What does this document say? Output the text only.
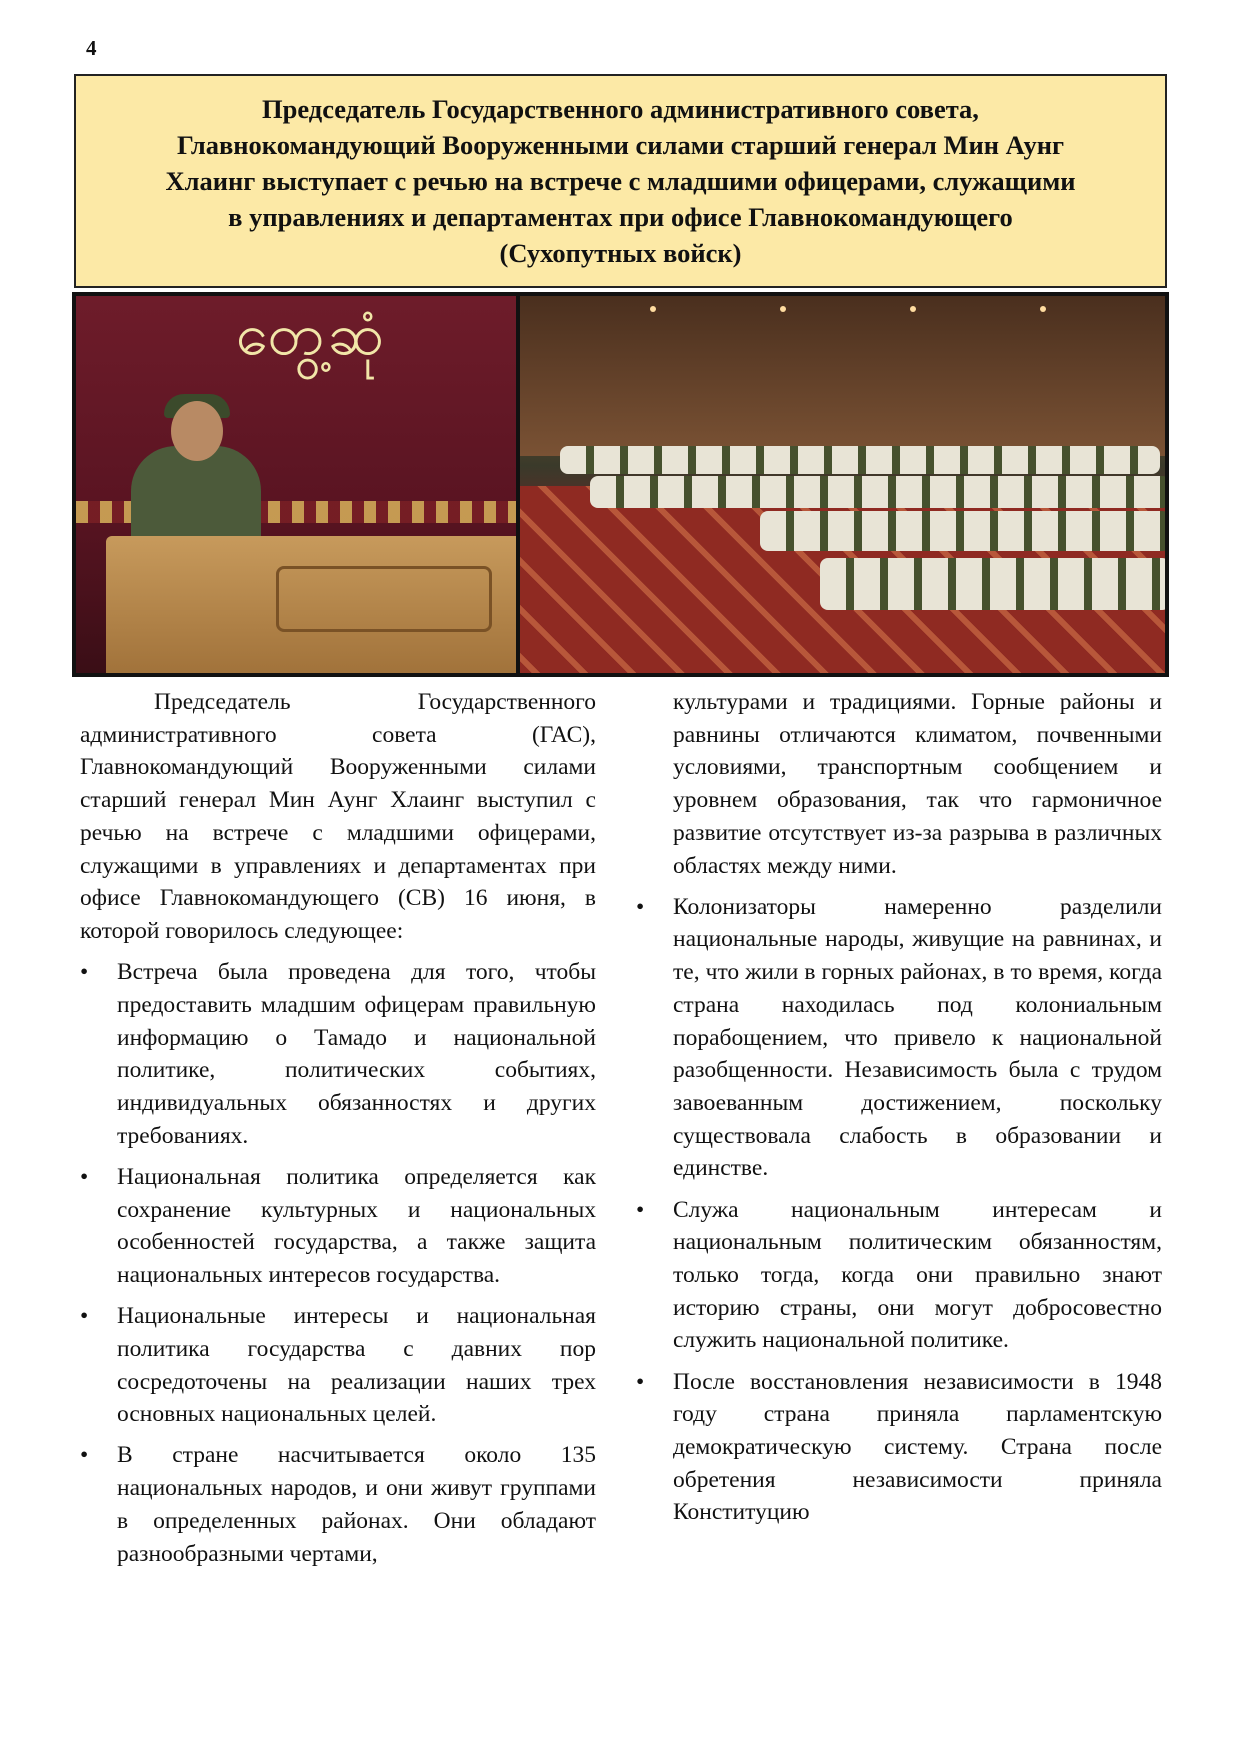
4

Председатель Государственного административного совета,
Главнокомандующий Вооруженными силами старший генерал Мин Аунг
Хлаинг выступает с речью на встрече с младшими офицерами, служащими
в управлениях и департаментах при офисе Главнокомандующего
(Сухопутных войск)

တွေ့ဆုံ

Председатель Государственного административного совета (ГАС), Главнокомандующий Вооруженными силами старший генерал Мин Аунг Хлаинг выступил с речью на встрече с младшими офицерами, служащими в управлениях и департаментах при офисе Главнокомандующего (СВ) 16 июня, в которой говорилось следующее:

• Встреча была проведена для того, чтобы предоставить младшим офицерам правильную информацию о Тамадо и национальной политике, политических событиях, индивидуальных обязанностях и других требованиях.
• Национальная политика определяется как сохранение культурных и национальных особенностей государства, а также защита национальных интересов государства.
• Национальные интересы и национальная политика государства с давних пор сосредоточены на реализации наших трех основных национальных целей.
• В стране насчитывается около 135 национальных народов, и они живут группами в определенных районах. Они обладают разнообразными чертами,

культурами и традициями. Горные районы и равнины отличаются климатом, почвенными условиями, транспортным сообщением и уровнем образования, так что гармоничное развитие отсутствует из-за разрыва в различных областях между ними.

• Колонизаторы намеренно разделили национальные народы, живущие на равнинах, и те, что жили в горных районах, в то время, когда страна находилась под колониальным порабощением, что привело к национальной разобщенности. Независимость была с трудом завоеванным достижением, поскольку существовала слабость в образовании и единстве.
• Служа национальным интересам и национальным политическим обязанностям, только тогда, когда они правильно знают историю страны, они могут добросовестно служить национальной политике.
• После восстановления независимости в 1948 году страна приняла парламентскую демократическую систему. Страна после обретения независимости приняла Конституцию
